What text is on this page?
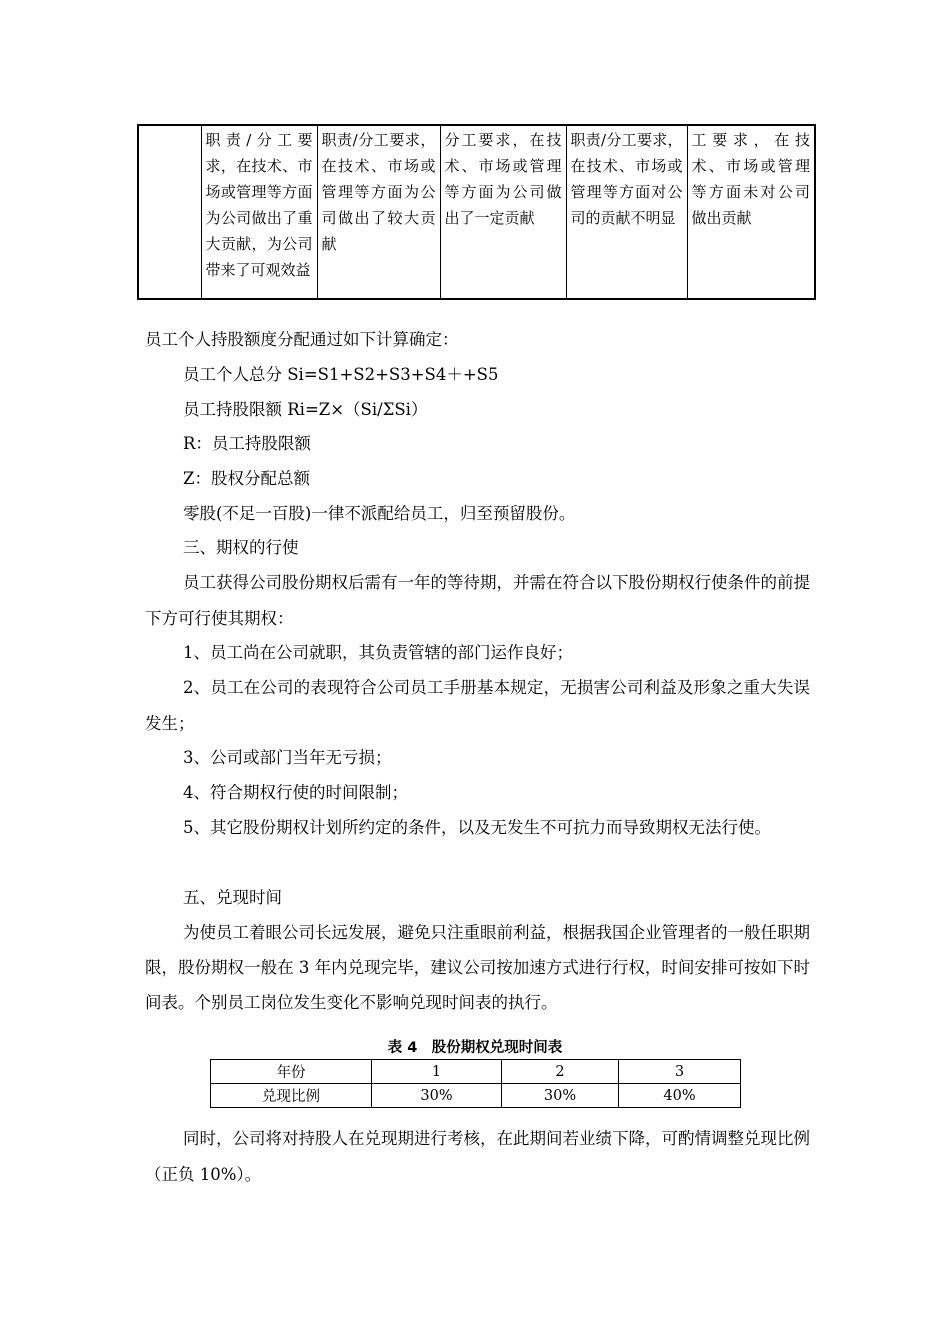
	职责/分工要求，在技术、市场或管理等方面为公司做出了重大贡献，为公司带来了可观效益	职责/分工要求，在技术、市场或管理等方面为公司做出了较大贡献	分工要求，在技术、市场或管理等方面为公司做出了一定贡献	职责/分工要求，在技术、市场或管理等方面对公司的贡献不明显	工要求，在技术、市场或管理等方面未对公司做出贡献

员工个人持股额度分配通过如下计算确定：

员工个人总分 Si=S1+S2+S3+S4＋+S5

员工持股限额 Ri=Z×（Si/ΣSi）

R：员工持股限额

Z：股权分配总额

零股(不足一百股)一律不派配给员工，归至预留股份。

三、期权的行使

员工获得公司股份期权后需有一年的等待期，并需在符合以下股份期权行使条件的前提下方可行使其期权：

1、员工尚在公司就职，其负责管辖的部门运作良好；

2、员工在公司的表现符合公司员工手册基本规定，无损害公司利益及形象之重大失误发生；

3、公司或部门当年无亏损；

4、符合期权行使的时间限制；

5、其它股份期权计划所约定的条件，以及无发生不可抗力而导致期权无法行使。

五、兑现时间

为使员工着眼公司长远发展，避免只注重眼前利益，根据我国企业管理者的一般任职期限，股份期权一般在 3 年内兑现完毕，建议公司按加速方式进行行权，时间安排可按如下时间表。个别员工岗位发生变化不影响兑现时间表的执行。

表 4　股份期权兑现时间表
年份	1	2	3
兑现比例	30%	30%	40%

同时，公司将对持股人在兑现期进行考核，在此期间若业绩下降，可酌情调整兑现比例（正负 10%）。
